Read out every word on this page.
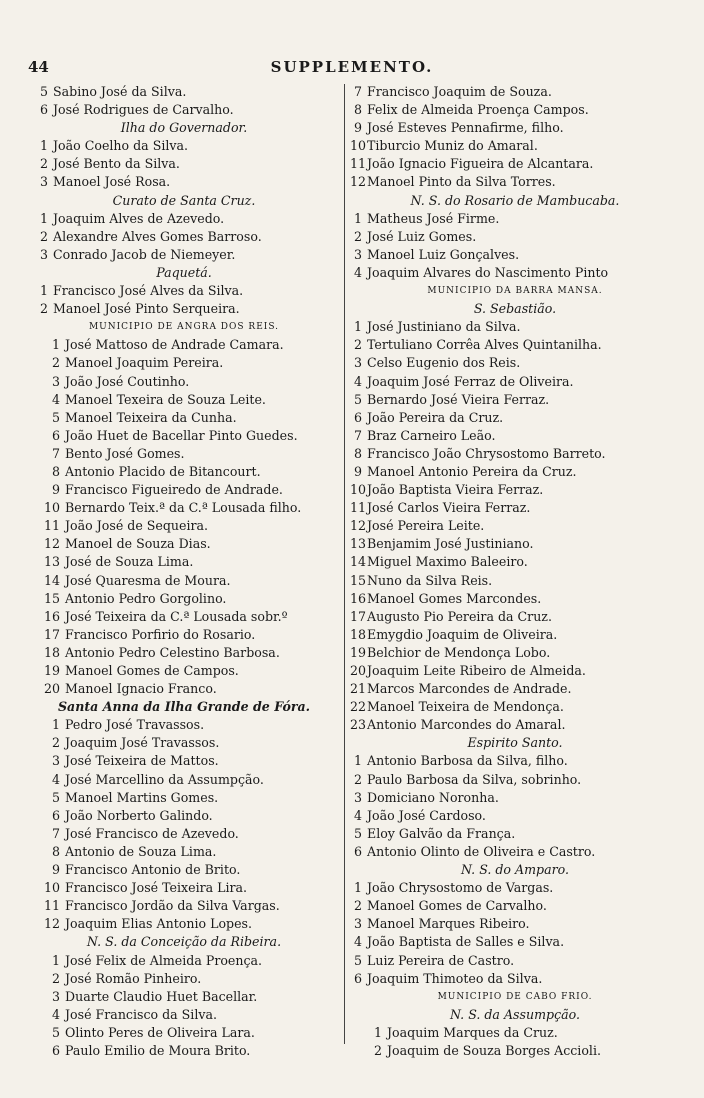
44	SUPPLEMENTO.
5 Sabino José da Silva.
6 José Rodrigues de Carvalho.
Ilha do Governador.
1 João Coelho da Silva.
2 José Bento da Silva.
3 Manoel José Rosa.
Curato de Santa Cruz.
1 Joaquim Alves de Azevedo.
2 Alexandre Alves Gomes Barroso.
3 Conrado Jacob de Niemeyer.
Paquetá.
1 Francisco José Alves da Silva.
2 Manoel José Pinto Serqueira.
MUNICIPIO DE ANGRA DOS REIS.
1 José Mattoso de Andrade Camara.
2 Manoel Joaquim Pereira.
3 João José Coutinho.
4 Manoel Texeira de Souza Leite.
5 Manoel Teixeira da Cunha.
6 João Huet de Bacellar Pinto Guedes.
7 Bento José Gomes.
8 Antonio Placido de Bitancourt.
9 Francisco Figueiredo de Andrade.
10 Bernardo Teix.ª da C.ª Lousada filho.
11 João José de Sequeira.
12 Manoel de Souza Dias.
13 José de Souza Lima.
14 José Quaresma de Moura.
15 Antonio Pedro Gorgolino.
16 José Teixeira da C.ª Lousada sobr.º
17 Francisco Porfirio do Rosario.
18 Antonio Pedro Celestino Barbosa.
19 Manoel Gomes de Campos.
20 Manoel Ignacio Franco.
Santa Anna da Ilha Grande de Fóra.
1 Pedro José Travassos.
2 Joaquim José Travassos.
3 José Teixeira de Mattos.
4 José Marcellino da Assumpção.
5 Manoel Martins Gomes.
6 João Norberto Galindo.
7 José Francisco de Azevedo.
8 Antonio de Souza Lima.
9 Francisco Antonio de Brito.
10 Francisco José Teixeira Lira.
11 Francisco Jordão da Silva Vargas.
12 Joaquim Elias Antonio Lopes.
N. S. da Conceição da Ribeira.
1 José Felix de Almeida Proença.
2 José Romão Pinheiro.
3 Duarte Claudio Huet Bacellar.
4 José Francisco da Silva.
5 Olinto Peres de Oliveira Lara.
6 Paulo Emilio de Moura Brito.
7 Francisco Joaquim de Souza.
8 Felix de Almeida Proença Campos.
9 José Esteves Pennafirme, filho.
10 Tiburcio Muniz do Amaral.
11 João Ignacio Figueira de Alcantara.
12 Manoel Pinto da Silva Torres.
N. S. do Rosario de Mambucaba.
1 Matheus José Firme.
2 José Luiz Gomes.
3 Manoel Luiz Gonçalves.
4 Joaquim Alvares do Nascimento Pinto
MUNICIPIO DA BARRA MANSA.
S. Sebastião.
1 José Justiniano da Silva.
2 Tertuliano Corrêa Alves Quintanilha.
3 Celso Eugenio dos Reis.
4 Joaquim José Ferraz de Oliveira.
5 Bernardo José Vieira Ferraz.
6 João Pereira da Cruz.
7 Braz Carneiro Leão.
8 Francisco João Chrysostomo Barreto.
9 Manoel Antonio Pereira da Cruz.
10 João Baptista Vieira Ferraz.
11 José Carlos Vieira Ferraz.
12 José Pereira Leite.
13 Benjamim José Justiniano.
14 Miguel Maximo Baleeiro.
15 Nuno da Silva Reis.
16 Manoel Gomes Marcondes.
17 Augusto Pio Pereira da Cruz.
18 Emygdio Joaquim de Oliveira.
19 Belchior de Mendonça Lobo.
20 Joaquim Leite Ribeiro de Almeida.
21 Marcos Marcondes de Andrade.
22 Manoel Teixeira de Mendonça.
23 Antonio Marcondes do Amaral.
Espirito Santo.
1 Antonio Barbosa da Silva, filho.
2 Paulo Barbosa da Silva, sobrinho.
3 Domiciano Noronha.
4 João José Cardoso.
5 Eloy Galvão da França.
6 Antonio Olinto de Oliveira e Castro.
N. S. do Amparo.
1 João Chrysostomo de Vargas.
2 Manoel Gomes de Carvalho.
3 Manoel Marques Ribeiro.
4 João Baptista de Salles e Silva.
5 Luiz Pereira de Castro.
6 Joaquim Thimoteo da Silva.
MUNICIPIO DE CABO FRIO.
N. S. da Assumpção.
1 Joaquim Marques da Cruz.
2 Joaquim de Souza Borges Accioli.
